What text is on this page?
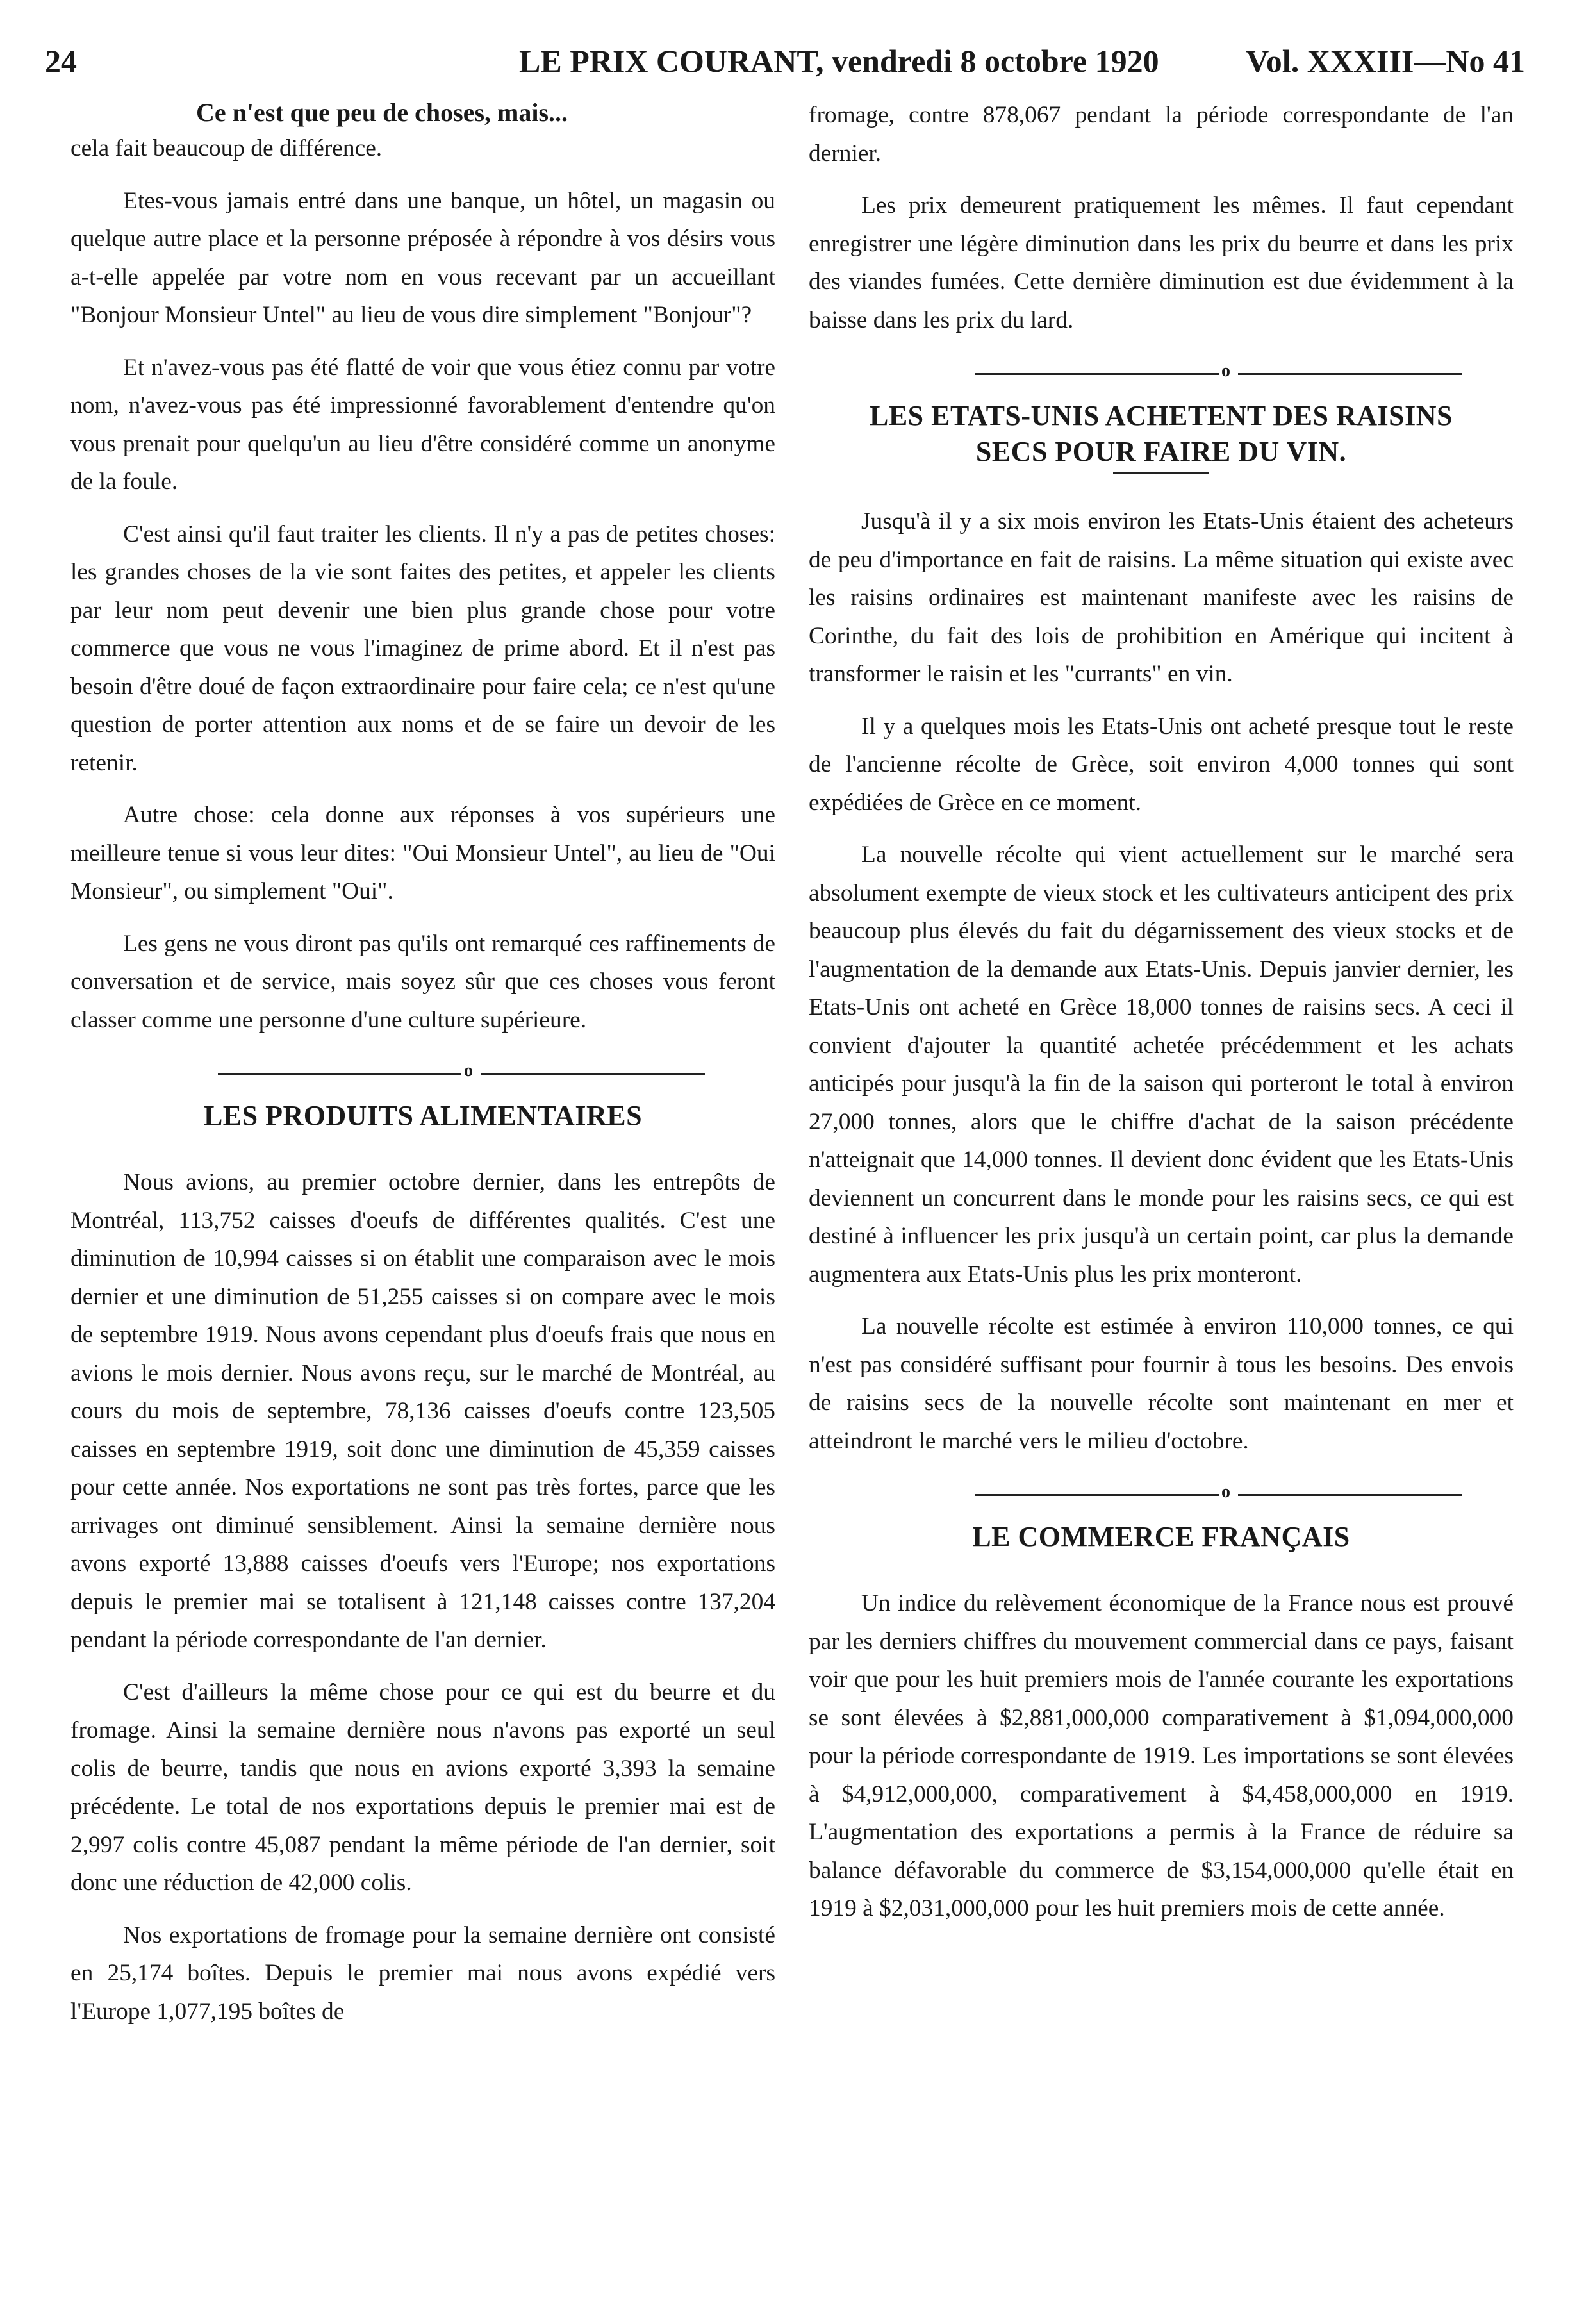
24	LE PRIX COURANT, vendredi 8 octobre 1920	Vol. XXXIII—No 41
Ce n'est que peu de choses, mais...

cela fait beaucoup de différence.

Etes-vous jamais entré dans une banque, un hôtel, un magasin ou quelque autre place et la personne préposée à répondre à vos désirs vous a-t-elle appelée par votre nom en vous recevant par un accueillant "Bonjour Monsieur Untel" au lieu de vous dire simplement "Bonjour"?

Et n'avez-vous pas été flatté de voir que vous étiez connu par votre nom, n'avez-vous pas été impressionné favorablement d'entendre qu'on vous prenait pour quelqu'un au lieu d'être considéré comme un anonyme de la foule.

C'est ainsi qu'il faut traiter les clients. Il n'y a pas de petites choses: les grandes choses de la vie sont faites des petites, et appeler les clients par leur nom peut devenir une bien plus grande chose pour votre commerce que vous ne vous l'imaginez de prime abord. Et il n'est pas besoin d'être doué de façon extraordinaire pour faire cela; ce n'est qu'une question de porter attention aux noms et de se faire un devoir de les retenir.

Autre chose: cela donne aux réponses à vos supérieurs une meilleure tenue si vous leur dites: "Oui Monsieur Untel", au lieu de "Oui Monsieur", ou simplement "Oui".

Les gens ne vous diront pas qu'ils ont remarqué ces raffinements de conversation et de service, mais soyez sûr que ces choses vous feront classer comme une personne d'une culture supérieure.

o
LES PRODUITS ALIMENTAIRES

Nous avions, au premier octobre dernier, dans les entrepôts de Montréal, 113,752 caisses d'oeufs de différentes qualités. C'est une diminution de 10,994 caisses si on établit une comparaison avec le mois dernier et une diminution de 51,255 caisses si on compare avec le mois de septembre 1919. Nous avons cependant plus d'oeufs frais que nous en avions le mois dernier. Nous avons reçu, sur le marché de Montréal, au cours du mois de septembre, 78,136 caisses d'oeufs contre 123,505 caisses en septembre 1919, soit donc une diminution de 45,359 caisses pour cette année. Nos exportations ne sont pas très fortes, parce que les arrivages ont diminué sensiblement. Ainsi la semaine dernière nous avons exporté 13,888 caisses d'oeufs vers l'Europe; nos exportations depuis le premier mai se totalisent à 121,148 caisses contre 137,204 pendant la période correspondante de l'an dernier.

C'est d'ailleurs la même chose pour ce qui est du beurre et du fromage. Ainsi la semaine dernière nous n'avons pas exporté un seul colis de beurre, tandis que nous en avions exporté 3,393 la semaine précédente. Le total de nos exportations depuis le premier mai est de 2,997 colis contre 45,087 pendant la même période de l'an dernier, soit donc une réduction de 42,000 colis.

Nos exportations de fromage pour la semaine dernière ont consisté en 25,174 boîtes. Depuis le premier mai nous avons expédié vers l'Europe 1,077,195 boîtes de

fromage, contre 878,067 pendant la période correspondante de l'an dernier.

Les prix demeurent pratiquement les mêmes. Il faut cependant enregistrer une légère diminution dans les prix du beurre et dans les prix des viandes fumées. Cette dernière diminution est due évidemment à la baisse dans les prix du lard.

o
LES ETATS-UNIS ACHETENT DES RAISINS
SECS POUR FAIRE DU VIN.

Jusqu'à il y a six mois environ les Etats-Unis étaient des acheteurs de peu d'importance en fait de raisins. La même situation qui existe avec les raisins ordinaires est maintenant manifeste avec les raisins de Corinthe, du fait des lois de prohibition en Amérique qui incitent à transformer le raisin et les "currants" en vin.

Il y a quelques mois les Etats-Unis ont acheté presque tout le reste de l'ancienne récolte de Grèce, soit environ 4,000 tonnes qui sont expédiées de Grèce en ce moment.

La nouvelle récolte qui vient actuellement sur le marché sera absolument exempte de vieux stock et les cultivateurs anticipent des prix beaucoup plus élevés du fait du dégarnissement des vieux stocks et de l'augmentation de la demande aux Etats-Unis. Depuis janvier dernier, les Etats-Unis ont acheté en Grèce 18,000 tonnes de raisins secs. A ceci il convient d'ajouter la quantité achetée précédemment et les achats anticipés pour jusqu'à la fin de la saison qui porteront le total à environ 27,000 tonnes, alors que le chiffre d'achat de la saison précédente n'atteignait que 14,000 tonnes. Il devient donc évident que les Etats-Unis deviennent un concurrent dans le monde pour les raisins secs, ce qui est destiné à influencer les prix jusqu'à un certain point, car plus la demande augmentera aux Etats-Unis plus les prix monteront.

La nouvelle récolte est estimée à environ 110,000 tonnes, ce qui n'est pas considéré suffisant pour fournir à tous les besoins. Des envois de raisins secs de la nouvelle récolte sont maintenant en mer et atteindront le marché vers le milieu d'octobre.

o
LE COMMERCE FRANÇAIS

Un indice du relèvement économique de la France nous est prouvé par les derniers chiffres du mouvement commercial dans ce pays, faisant voir que pour les huit premiers mois de l'année courante les exportations se sont élevées à $2,881,000,000 comparativement à $1,094,000,000 pour la période correspondante de 1919. Les importations se sont élevées à $4,912,000,000, comparativement à $4,458,000,000 en 1919. L'augmentation des exportations a permis à la France de réduire sa balance défavorable du commerce de $3,154,000,000 qu'elle était en 1919 à $2,031,000,000 pour les huit premiers mois de cette année.
